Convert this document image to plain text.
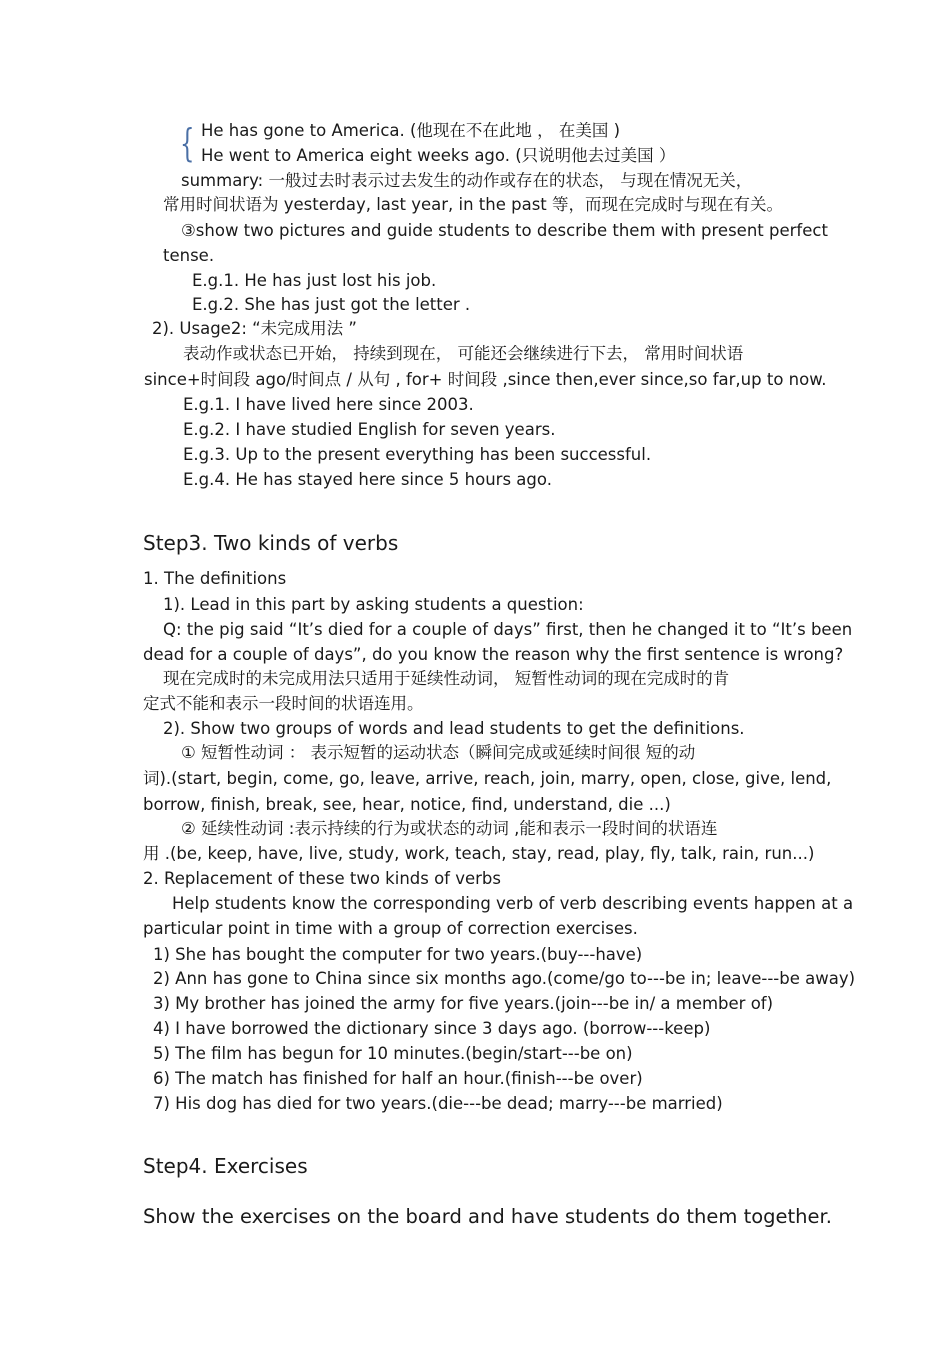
{ He has gone to America. (他现在不在此地 ， 在美国 )
He went to America eight weeks ago. (只说明他去过美国 ）
summary: 一般过去时表示过去发生的动作或存在的状态， 与现在情况无关，
常用时间状语为 yesterday, last year, in the past 等，而现在完成时与现在有关。
③show two pictures and guide students to describe them with present perfect
tense.
E.g.1. He has just lost his job.
E.g.2. She has just got the letter .
2). Usage2: “未完成用法 ”
表动作或状态已开始， 持续到现在， 可能还会继续进行下去， 常用时间状语
since+时间段 ago/时间点 / 从句 , for+ 时间段 ,since then,ever since,so far,up to now.
E.g.1. I have lived here since 2003.
E.g.2. I have studied English for seven years.
E.g.3. Up to the present everything has been successful.
E.g.4. He has stayed here since 5 hours ago.
Step3. Two kinds of verbs
1. The definitions
1). Lead in this part by asking students a question:
Q: the pig said “It’s died for a couple of days” first, then he changed it to “It’s been
dead for a couple of days”, do you know the reason why the first sentence is wrong?
现在完成时的未完成用法只适用于延续性动词， 短暂性动词的现在完成时的肯
定式不能和表示一段时间的状语连用。
2). Show two groups of words and lead students to get the definitions.
① 短暂性动词 ： 表示短暂的运动状态（瞬间完成或延续时间很 短的动
词).(start, begin, come, go, leave, arrive, reach, join, marry, open, close, give, lend,
borrow, finish, break, see, hear, notice, find, understand, die ...)
② 延续性动词 :表示持续的行为或状态的动词 ,能和表示一段时间的状语连
用 .(be, keep, have, live, study, work, teach, stay, read, play, fly, talk, rain, run...)
2. Replacement of these two kinds of verbs
Help students know the corresponding verb of verb describing events happen at a
particular point in time with a group of correction exercises.
1) She has bought the computer for two years.(buy---have)
2) Ann has gone to China since six months ago.(come/go to---be in; leave---be away)
3) My brother has joined the army for five years.(join---be in/ a member of)
4) I have borrowed the dictionary since 3 days ago. (borrow---keep)
5) The film has begun for 10 minutes.(begin/start---be on)
6) The match has finished for half an hour.(finish---be over)
7) His dog has died for two years.(die---be dead; marry---be married)
Step4. Exercises
Show the exercises on the board and have students do them together.
